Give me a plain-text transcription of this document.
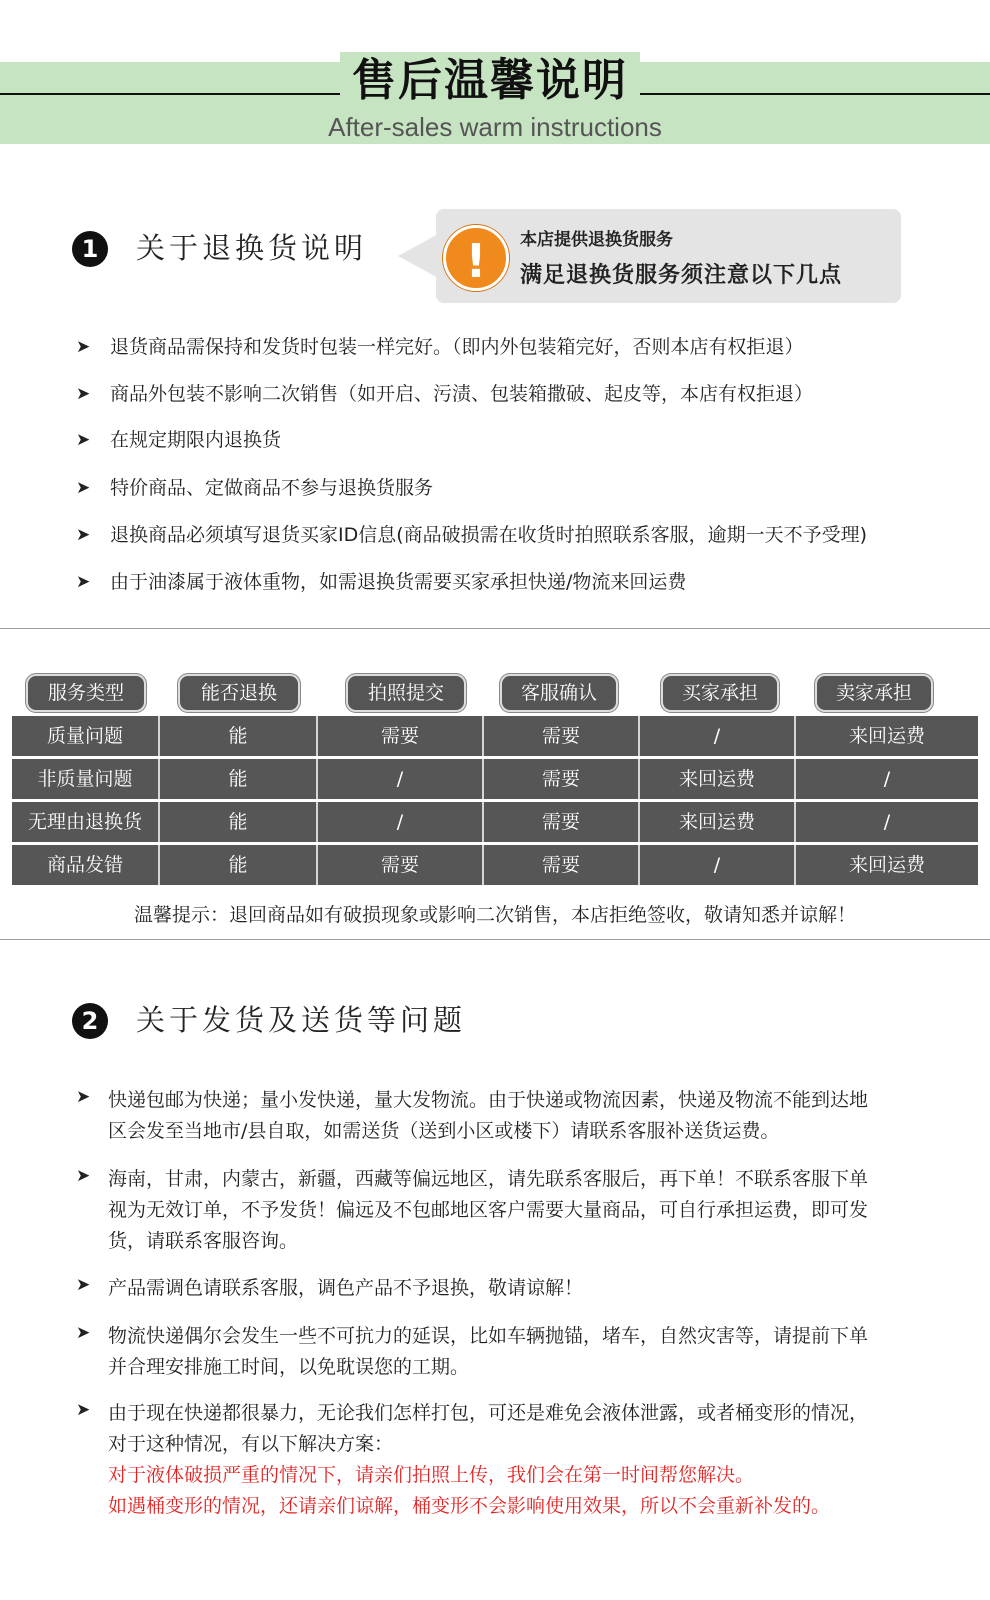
售后温馨说明
After-sales warm instructions
1	关于退换货说明	!	本店提供退换货服务
满足退换货服务须注意以下几点
➤ 退货商品需保持和发货时包装一样完好。（即内外包装箱完好，否则本店有权拒退）
➤ 商品外包装不影响二次销售（如开启、污渍、包装箱撒破、起皮等，本店有权拒退）
➤ 在规定期限内退换货
➤ 特价商品、定做商品不参与退换货服务
➤ 退换商品必须填写退货买家ID信息(商品破损需在收货时拍照联系客服，逾期一天不予受理)
➤ 由于油漆属于液体重物，如需退换货需要买家承担快递/物流来回运费
服务类型	能否退换	拍照提交	客服确认	买家承担	卖家承担
质量问题	能	需要	需要	/	来回运费
非质量问题	能	/	需要	来回运费	/
无理由退换货	能	/	需要	来回运费	/
商品发错	能	需要	需要	/	来回运费
温馨提示：退回商品如有破损现象或影响二次销售，本店拒绝签收，敬请知悉并谅解！
2	关于发货及送货等问题
➤ 快递包邮为快递；量小发快递，量大发物流。由于快递或物流因素，快递及物流不能到达地
区会发至当地市/县自取，如需送货（送到小区或楼下）请联系客服补送货运费。
➤ 海南，甘肃，内蒙古，新疆，西藏等偏远地区，请先联系客服后，再下单！不联系客服下单
视为无效订单，不予发货！偏远及不包邮地区客户需要大量商品，可自行承担运费，即可发
货，请联系客服咨询。
➤ 产品需调色请联系客服，调色产品不予退换，敬请谅解！
➤ 物流快递偶尔会发生一些不可抗力的延误，比如车辆抛锚，堵车，自然灾害等，请提前下单
并合理安排施工时间，以免耽误您的工期。
➤ 由于现在快递都很暴力，无论我们怎样打包，可还是难免会液体泄露，或者桶变形的情况，
对于这种情况，有以下解决方案：
对于液体破损严重的情况下，请亲们拍照上传，我们会在第一时间帮您解决。
如遇桶变形的情况，还请亲们谅解，桶变形不会影响使用效果，所以不会重新补发的。
